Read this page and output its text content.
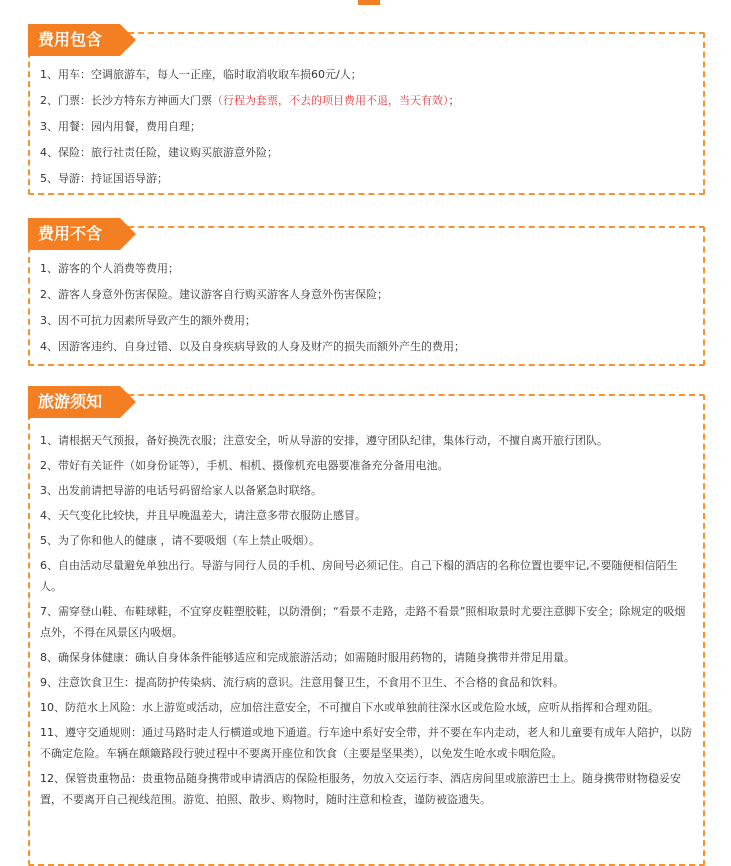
费用包含
1、用车：空调旅游车，每人一正座，临时取消收取车损60元/人；
2、门票：长沙方特东方神画大门票（行程为套票，不去的项目费用不退，当天有效）；
3、用餐：园内用餐，费用自理；
4、保险：旅行社责任险，建议购买旅游意外险；
5、导游：持证国语导游；
费用不含
1、游客的个人消费等费用；
2、游客人身意外伤害保险。建议游客自行购买游客人身意外伤害保险；
3、因不可抗力因素所导致产生的额外费用；
4、因游客违约、自身过错、以及自身疾病导致的人身及财产的损失而额外产生的费用；
旅游须知
1、请根据天气预报，备好换洗衣服；注意安全，听从导游的安排，遵守团队纪律，集体行动，不擅自离开旅行团队。
2、带好有关证件（如身份证等），手机、相机、摄像机充电器要准备充分备用电池。
3、出发前请把导游的电话号码留给家人以备紧急时联络。
4、天气变化比较快，并且早晚温差大，请注意多带衣服防止感冒。
5、为了你和他人的健康 ，请不要吸烟（车上禁止吸烟）。
6、自由活动尽量避免单独出行。导游与同行人员的手机、房间号必须记住。自己下榻的酒店的名称位置也要牢记,不要随便相信陌生人。
7、需穿登山鞋、布鞋球鞋，不宜穿皮鞋塑胶鞋，以防滑倒；“看景不走路，走路不看景”照相取景时尤要注意脚下安全；除规定的吸烟点外，不得在风景区内吸烟。
8、确保身体健康：确认自身体条件能够适应和完成旅游活动；如需随时服用药物的，请随身携带并带足用量。
9、注意饮食卫生：提高防护传染病、流行病的意识。注意用餐卫生，不食用不卫生、不合格的食品和饮料。
10、防范水上风险：水上游览或活动，应加倍注意安全，不可擅自下水或单独前往深水区或危险水域，应听从指挥和合理劝阻。
11、遵守交通规则：通过马路时走人行横道或地下通道。行车途中系好安全带，并不要在车内走动，老人和儿童要有成年人陪护，以防不确定危险。车辆在颠簸路段行驶过程中不要离开座位和饮食（主要是坚果类），以免发生呛水或卡咽危险。
12、保管贵重物品：贵重物品随身携带或申请酒店的保险柜服务，勿放入交运行李、酒店房间里或旅游巴士上。随身携带财物稳妥安置，不要离开自己视线范围。游览、拍照、散步、购物时，随时注意和检查，谨防被盗遗失。
